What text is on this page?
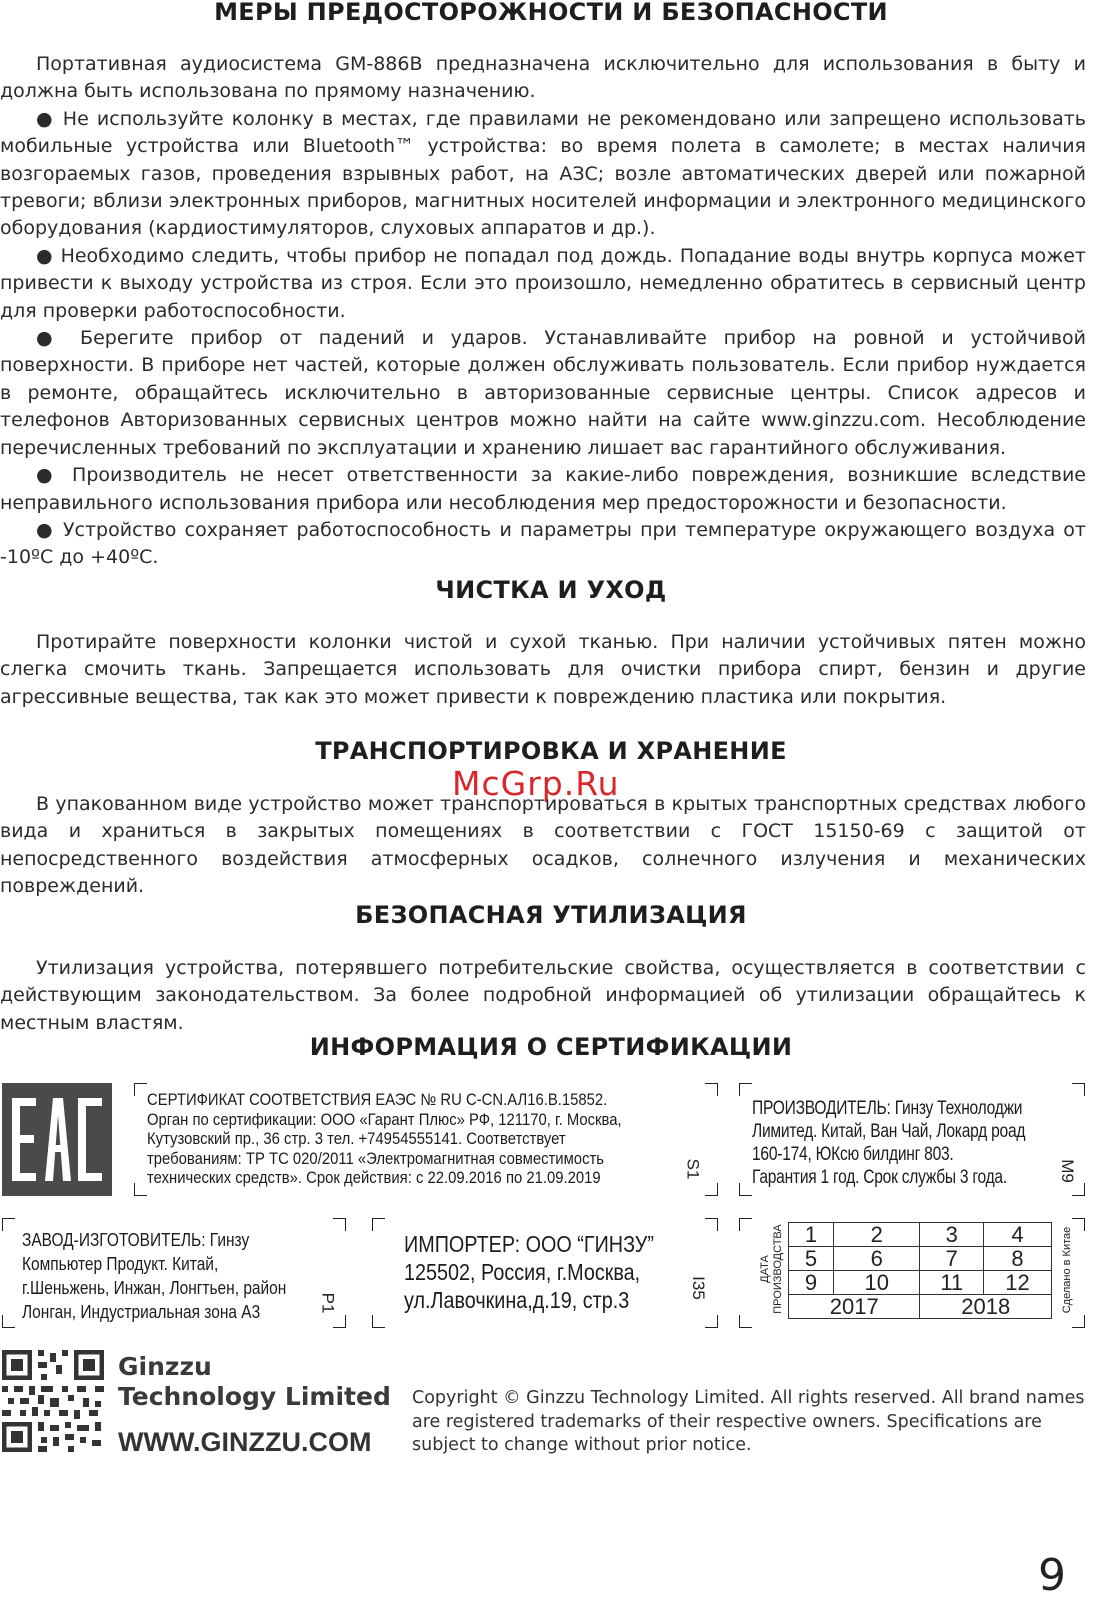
МЕРЫ ПРЕДОСТОРОЖНОСТИ И БЕЗОПАСНОСТИ

Портативная аудиосистема GM-886B предназначена исключительно для использования в быту и должна быть использована по прямому назначению.

● Не используйте колонку в местах, где правилами не рекомендовано или запрещено использовать мобильные устройства или Bluetooth™ устройства: во время полета в самолете; в местах наличия возгораемых газов, проведения взрывных работ, на АЗС; возле автоматических дверей или пожарной тревоги; вблизи электронных приборов, магнитных носителей информации и электронного медицинского оборудования (кардиостимуляторов, слуховых аппаратов и др.).

● Необходимо следить, чтобы прибор не попадал под дождь. Попадание воды внутрь корпуса может привести к выходу устройства из строя. Если это произошло, немедленно обратитесь в сервисный центр для проверки работоспособности.

● Берегите прибор от падений и ударов. Устанавливайте прибор на ровной и устойчивой поверхности. В приборе нет частей, которые должен обслуживать пользователь. Если прибор нуждается в ремонте, обращайтесь исключительно в авторизованные сервисные центры. Список адресов и телефонов Авторизованных сервисных центров можно найти на сайте www.ginzzu.com. Несоблюдение перечисленных требований по эксплуатации и хранению лишает вас гарантийного обслуживания.

● Производитель не несет ответственности за какие-либо повреждения, возникшие вследствие неправильного использования прибора или несоблюдения мер предосторожности и безопасности.

● Устройство сохраняет работоспособность и параметры при температуре окружающего воздуха от -10ºС до +40ºС.

ЧИСТКА И УХОД

Протирайте поверхности колонки чистой и сухой тканью. При наличии устойчивых пятен можно слегка смочить ткань. Запрещается использовать для очистки прибора спирт, бензин и другие агрессивные вещества, так как это может привести к повреждению пластика или покрытия.

ТРАНСПОРТИРОВКА И ХРАНЕНИЕ
McGrp.Ru

В упакованном виде устройство может транспортироваться в крытых транспортных средствах любого вида и храниться в закрытых помещениях в соответствии с ГОСТ 15150-69 с защитой от непосредственного воздействия атмосферных осадков, солнечного излучения и механических повреждений.

БЕЗОПАСНАЯ УТИЛИЗАЦИЯ

Утилизация устройства, потерявшего потребительские свойства, осуществляется в соответствии с действующим законодательством. За более подробной информацией об утилизации обращайтесь к местным властям.

ИНФОРМАЦИЯ О СЕРТИФИКАЦИИ
СЕРТИФИКАТ СООТВЕТСТВИЯ ЕАЭС № RU C-CN.АЛ16.В.15852.
Орган по сертификации: ООО «Гарант Плюс» РФ, 121170, г. Москва,
Кутузовский пр., 36 стр. 3 тел. +74954555141. Соответствует
требованиям: ТР ТС 020/2011 «Электромагнитная совместимость
технических средств». Срок действия: с 22.09.2016 по 21.09.2019	S1
ПРОИЗВОДИТЕЛЬ: Гинзу Технолоджи
Лимитед. Китай, Ван Чай, Локард роад
160-174, ЮКсю билдинг 803.
Гарантия 1 год. Срок службы 3 года.	M9
ЗАВОД-ИЗГОТОВИТЕЛЬ: Гинзу
Компьютер Продукт. Китай,
г.Шеньжень, Инжан, Лонгтьен, район
Лонган, Индустриальная зона А3	P1
ИМПОРТЕР: ООО “ГИНЗУ”
125502, Россия, г.Москва,
ул.Лавочкина,д.19, стр.3	I35
ДАТА ПРОИЗВОДСТВА	Сделано в Китае
1	2	3	4
5	6	7	8
9	10	11	12
2017		2018	
Ginzzu
Technology Limited
WWW.GINZZU.COM
Copyright © Ginzzu Technology Limited. All rights reserved. All brand names are registered trademarks of their respective owners. Specifications are subject to change without prior notice.
9
